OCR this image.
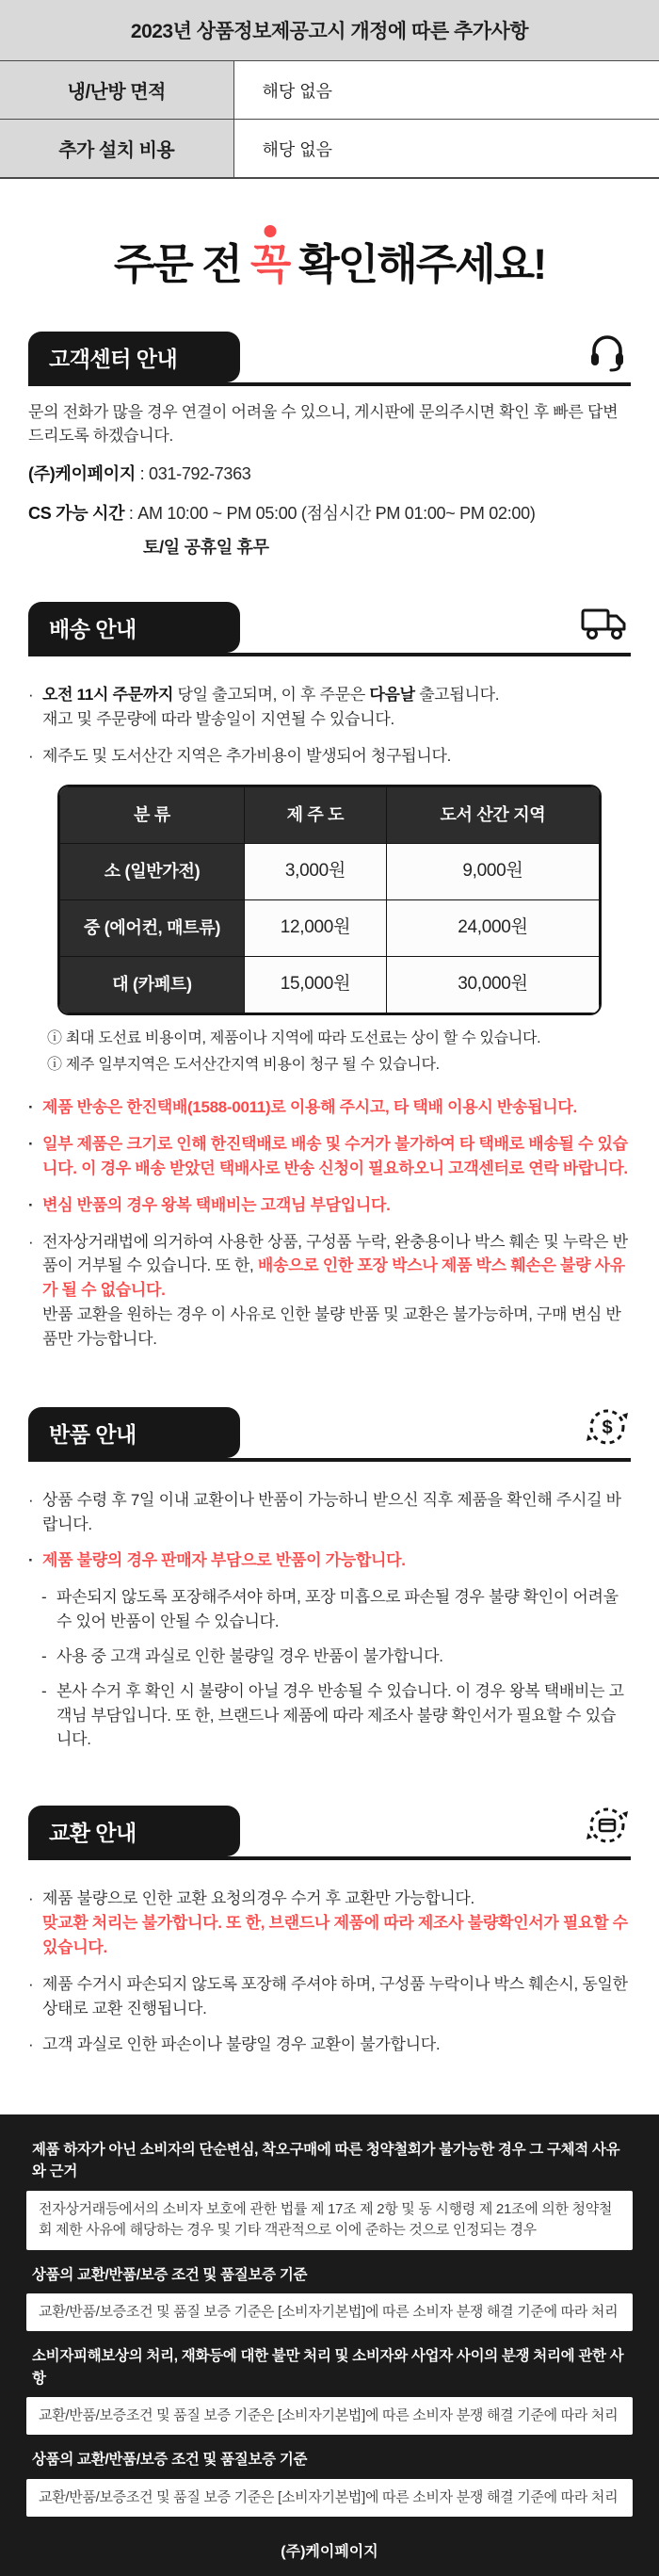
2023년 상품정보제공고시 개정에 따른 추가사항	
냉/난방 면적	해당 없음
추가 설치 비용	해당 없음
주문 전 꼭 확인해주세요!
고객센터 안내

문의 전화가 많을 경우 연결이 어려울 수 있으니, 게시판에 문의주시면 확인 후 빠른 답변 드리도록 하겠습니다.

(주)케이페이지 : 031-792-7363

CS 가능 시간 : AM 10:00 ~ PM 05:00 (점심시간 PM 01:00~ PM 02:00)

토/일 공휴일 휴무

배송 안내
· 오전 11시 주문까지 당일 출고되며, 이 후 주문은 다음날 출고됩니다.
재고 및 주문량에 따라 발송일이 지연될 수 있습니다.
· 제주도 및 도서산간 지역은 추가비용이 발생되어 청구됩니다.
분 류	제 주 도	도서 산간 지역
소 (일반가전)	3,000원	9,000원
중 (에어컨, 매트류)	12,000원	24,000원
대 (카페트)	15,000원	30,000원

ⓘ 최대 도선료 비용이며, 제품이나 지역에 따라 도선료는 상이 할 수 있습니다.

ⓘ 제주 일부지역은 도서산간지역 비용이 청구 될 수 있습니다.

· 제품 반송은 한진택배(1588-0011)로 이용해 주시고, 타 택배 이용시 반송됩니다.
· 일부 제품은 크기로 인해 한진택배로 배송 및 수거가 불가하여 타 택배로 배송될 수 있습니다. 이 경우 배송 받았던 택배사로 반송 신청이 필요하오니 고객센터로 연락 바랍니다.
· 변심 반품의 경우 왕복 택배비는 고객님 부담입니다.
· 전자상거래법에 의거하여 사용한 상품, 구성품 누락, 완충용이나 박스 훼손 및 누락은 반품이 거부될 수 있습니다. 또 한, 배송으로 인한 포장 박스나 제품 박스 훼손은 불량 사유가 될 수 없습니다.
반품 교환을 원하는 경우 이 사유로 인한 불량 반품 및 교환은 불가능하며, 구매 변심 반품만 가능합니다.
반품 안내	$
· 상품 수령 후 7일 이내 교환이나 반품이 가능하니 받으신 직후 제품을 확인해 주시길 바랍니다.
· 제품 불량의 경우 판매자 부담으로 반품이 가능합니다.
- 파손되지 않도록 포장해주셔야 하며, 포장 미흡으로 파손될 경우 불량 확인이 어려울 수 있어 반품이 안될 수 있습니다.
- 사용 중 고객 과실로 인한 불량일 경우 반품이 불가합니다.
- 본사 수거 후 확인 시 불량이 아닐 경우 반송될 수 있습니다. 이 경우 왕복 택배비는 고객님 부담입니다. 또 한, 브랜드나 제품에 따라 제조사 불량 확인서가 필요할 수 있습니다.
교환 안내
· 제품 불량으로 인한 교환 요청의경우 수거 후 교환만 가능합니다.
맞교환 처리는 불가합니다. 또 한, 브랜드나 제품에 따라 제조사 불량확인서가 필요할 수 있습니다.
· 제품 수거시 파손되지 않도록 포장해 주셔야 하며, 구성품 누락이나 박스 훼손시, 동일한 상태로 교환 진행됩니다.
· 고객 과실로 인한 파손이나 불량일 경우 교환이 불가합니다.

제품 하자가 아닌 소비자의 단순변심, 착오구매에 따른 청약철회가 불가능한 경우 그 구체적 사유와 근거

전자상거래등에서의 소비자 보호에 관한 법률 제 17조 제 2항 및 동 시행령 제 21조에 의한 청약철회 제한 사유에 해당하는 경우 및 기타 객관적으로 이에 준하는 것으로 인정되는 경우

상품의 교환/반품/보증 조건 및 품질보증 기준

교환/반품/보증조건 및 품질 보증 기준은 [소비자기본법]에 따른 소비자 분쟁 해결 기준에 따라 처리

소비자피해보상의 처리, 재화등에 대한 불만 처리 및 소비자와 사업자 사이의 분쟁 처리에 관한 사항

교환/반품/보증조건 및 품질 보증 기준은 [소비자기본법]에 따른 소비자 분쟁 해결 기준에 따라 처리

상품의 교환/반품/보증 조건 및 품질보증 기준

교환/반품/보증조건 및 품질 보증 기준은 [소비자기본법]에 따른 소비자 분쟁 해결 기준에 따라 처리

(주)케이페이지
